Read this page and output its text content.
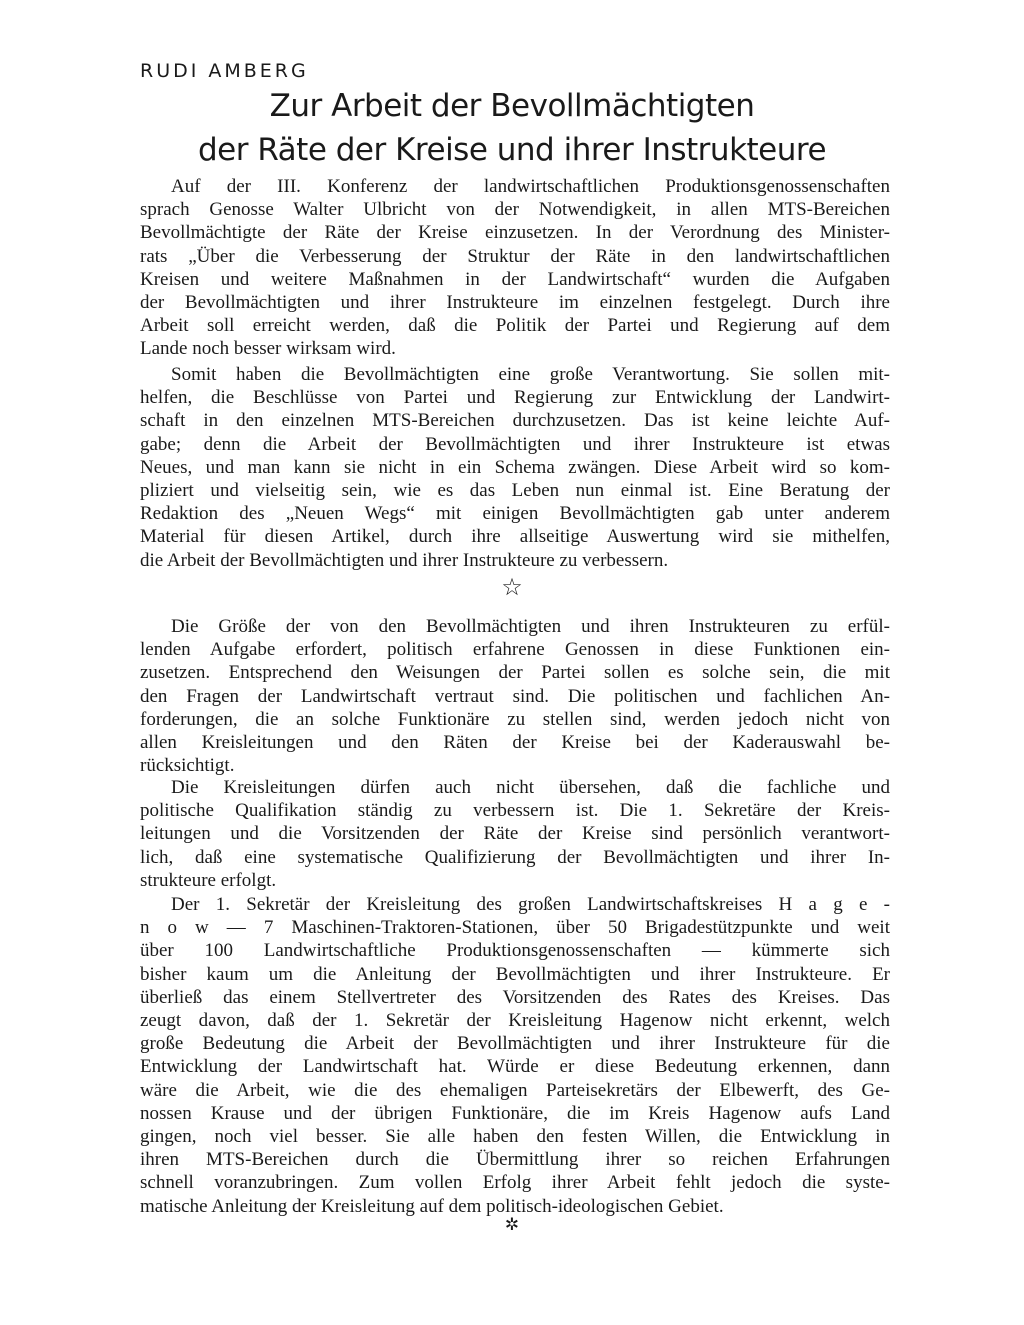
RUDI AMBERG

Zur Arbeit der Bevollmächtigten
der Räte der Kreise und ihrer Instrukteure
Auf der III. Konferenz der landwirtschaftlichen Produktionsgenossenschaften
sprach Genosse Walter Ulbricht von der Notwendigkeit, in allen MTS-Bereichen
Bevollmächtigte der Räte der Kreise einzusetzen. In der Verordnung des Minister-
rats „Über die Verbesserung der Struktur der Räte in den landwirtschaftlichen
Kreisen und weitere Maßnahmen in der Landwirtschaft“ wurden die Aufgaben
der Bevollmächtigten und ihrer Instrukteure im einzelnen festgelegt. Durch ihre
Arbeit soll erreicht werden, daß die Politik der Partei und Regierung auf dem
Lande noch besser wirksam wird.
Somit haben die Bevollmächtigten eine große Verantwortung. Sie sollen mit-
helfen, die Beschlüsse von Partei und Regierung zur Entwicklung der Landwirt-
schaft in den einzelnen MTS-Bereichen durchzusetzen. Das ist keine leichte Auf-
gabe; denn die Arbeit der Bevollmächtigten und ihrer Instrukteure ist etwas
Neues, und man kann sie nicht in ein Schema zwängen. Diese Arbeit wird so kom-
pliziert und vielseitig sein, wie es das Leben nun einmal ist. Eine Beratung der
Redaktion des „Neuen Wegs“ mit einigen Bevollmächtigten gab unter anderem
Material für diesen Artikel, durch ihre allseitige Auswertung wird sie mithelfen,
die Arbeit der Bevollmächtigten und ihrer Instrukteure zu verbessern.

☆

Die Größe der von den Bevollmächtigten und ihren Instrukteuren zu erfül-
lenden Aufgabe erfordert, politisch erfahrene Genossen in diese Funktionen ein-
zusetzen. Entsprechend den Weisungen der Partei sollen es solche sein, die mit
den Fragen der Landwirtschaft vertraut sind. Die politischen und fachlichen An-
forderungen, die an solche Funktionäre zu stellen sind, werden jedoch nicht von
allen Kreisleitungen und den Räten der Kreise bei der Kaderauswahl be-
rücksichtigt.
Die Kreisleitungen dürfen auch nicht übersehen, daß die fachliche und
politische Qualifikation ständig zu verbessern ist. Die 1. Sekretäre der Kreis-
leitungen und die Vorsitzenden der Räte der Kreise sind persönlich verantwort-
lich, daß eine systematische Qualifizierung der Bevollmächtigten und ihrer In-
strukteure erfolgt.
Der 1. Sekretär der Kreisleitung des großen Landwirtschaftskreises H a g e -
n o w — 7 Maschinen-Traktoren-Stationen, über 50 Brigadestützpunkte und weit
über 100 Landwirtschaftliche Produktionsgenossenschaften — kümmerte sich
bisher kaum um die Anleitung der Bevollmächtigten und ihrer Instrukteure. Er
überließ das einem Stellvertreter des Vorsitzenden des Rates des Kreises. Das
zeugt davon, daß der 1. Sekretär der Kreisleitung Hagenow nicht erkennt, welch
große Bedeutung die Arbeit der Bevollmächtigten und ihrer Instrukteure für die
Entwicklung der Landwirtschaft hat. Würde er diese Bedeutung erkennen, dann
wäre die Arbeit, wie die des ehemaligen Parteisekretärs der Elbewerft, des Ge-
nossen Krause und der übrigen Funktionäre, die im Kreis Hagenow aufs Land
gingen, noch viel besser. Sie alle haben den festen Willen, die Entwicklung in
ihren MTS-Bereichen durch die Übermittlung ihrer so reichen Erfahrungen
schnell voranzubringen. Zum vollen Erfolg ihrer Arbeit fehlt jedoch die syste-
matische Anleitung der Kreisleitung auf dem politisch-ideologischen Gebiet.

✲
